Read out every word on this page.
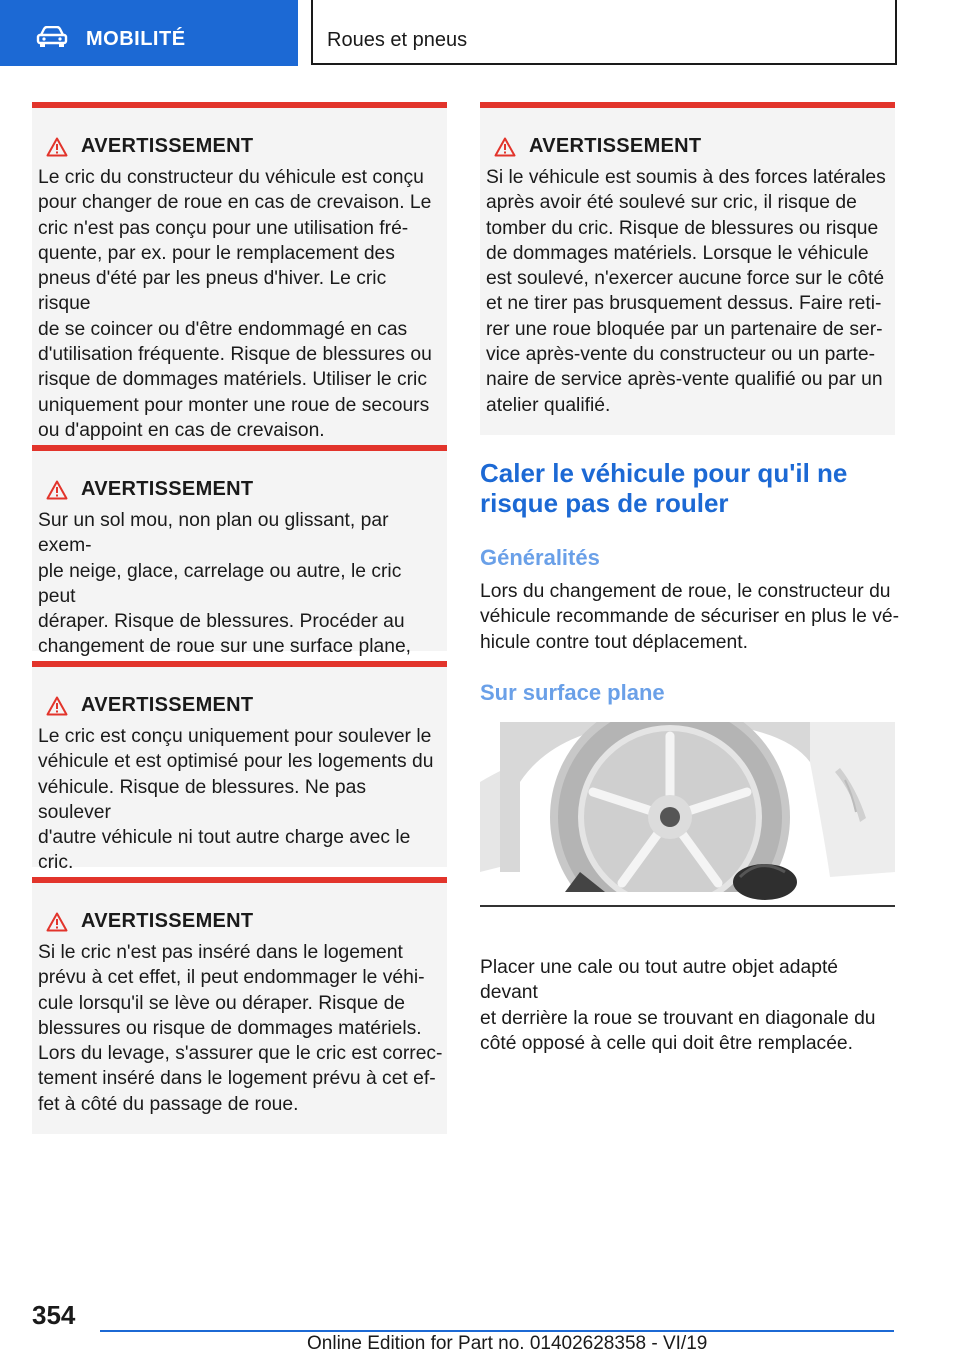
MOBILITÉ	Roues et pneus
AVERTISSEMENT
Le cric du constructeur du véhicule est conçu
pour changer de roue en cas de crevaison. Le
cric n'est pas conçu pour une utilisation fré‐
quente, par ex. pour le remplacement des
pneus d'été par les pneus d'hiver. Le cric risque
de se coincer ou d'être endommagé en cas
d'utilisation fréquente. Risque de blessures ou
risque de dommages matériels. Utiliser le cric
uniquement pour monter une roue de secours
ou d'appoint en cas de crevaison.
AVERTISSEMENT
Sur un sol mou, non plan ou glissant, par exem‐
ple neige, glace, carrelage ou autre, le cric peut
déraper. Risque de blessures. Procéder au
changement de roue sur une surface plane,

AVERTISSEMENT
Le cric est conçu uniquement pour soulever le
véhicule et est optimisé pour les logements du
véhicule. Risque de blessures. Ne pas soulever
d'autre véhicule ni tout autre charge avec le
cric.
AVERTISSEMENT
Si le cric n'est pas inséré dans le logement
prévu à cet effet, il peut endommager le véhi‐
cule lorsqu'il se lève ou déraper. Risque de
blessures ou risque de dommages matériels.
Lors du levage, s'assurer que le cric est correc‐
tement inséré dans le logement prévu à cet ef‐
fet à côté du passage de roue.
AVERTISSEMENT
Si le véhicule est soumis à des forces latérales
après avoir été soulevé sur cric, il risque de
tomber du cric. Risque de blessures ou risque
de dommages matériels. Lorsque le véhicule
est soulevé, n'exercer aucune force sur le côté
et ne tirer pas brusquement dessus. Faire reti‐
rer une roue bloquée par un partenaire de ser‐
vice après-vente du constructeur ou un parte‐
naire de service après-vente qualifié ou par un
atelier qualifié.
Caler le véhicule pour qu'il ne
risque pas de rouler
Généralités
Lors du changement de roue, le constructeur du
véhicule recommande de sécuriser en plus le vé‐
hicule contre tout déplacement.
Sur surface plane
Placer une cale ou tout autre objet adapté devant
et derrière la roue se trouvant en diagonale du
côté opposé à celle qui doit être remplacée.
354
Online Edition for Part no. 01402628358 - VI/19
